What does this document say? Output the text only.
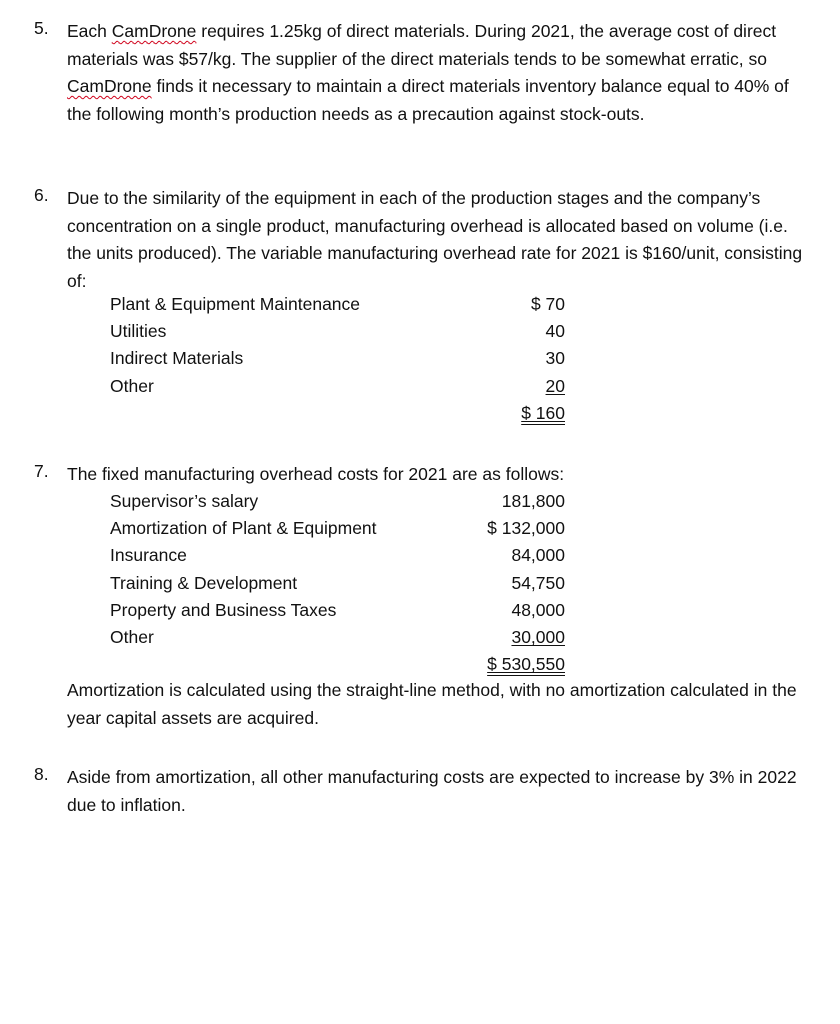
5. Each CamDrone requires 1.25kg of direct materials. During 2021, the average cost of direct materials was $57/kg. The supplier of the direct materials tends to be somewhat erratic, so CamDrone finds it necessary to maintain a direct materials inventory balance equal to 40% of the following month’s production needs as a precaution against stock-outs.
6. Due to the similarity of the equipment in each of the production stages and the company’s concentration on a single product, manufacturing overhead is allocated based on volume (i.e. the units produced). The variable manufacturing overhead rate for 2021 is $160/unit, consisting of:
Plant & Equipment Maintenance	$ 70
Utilities	40
Indirect Materials	30
Other	20
$ 160
7. The fixed manufacturing overhead costs for 2021 are as follows:
Supervisor’s salary	181,800
Amortization of Plant & Equipment	$ 132,000
Insurance	84,000
Training & Development	54,750
Property and Business Taxes	48,000
Other	30,000
$ 530,550
Amortization is calculated using the straight-line method, with no amortization calculated in the year capital assets are acquired.
8. Aside from amortization, all other manufacturing costs are expected to increase by 3% in 2022 due to inflation.
